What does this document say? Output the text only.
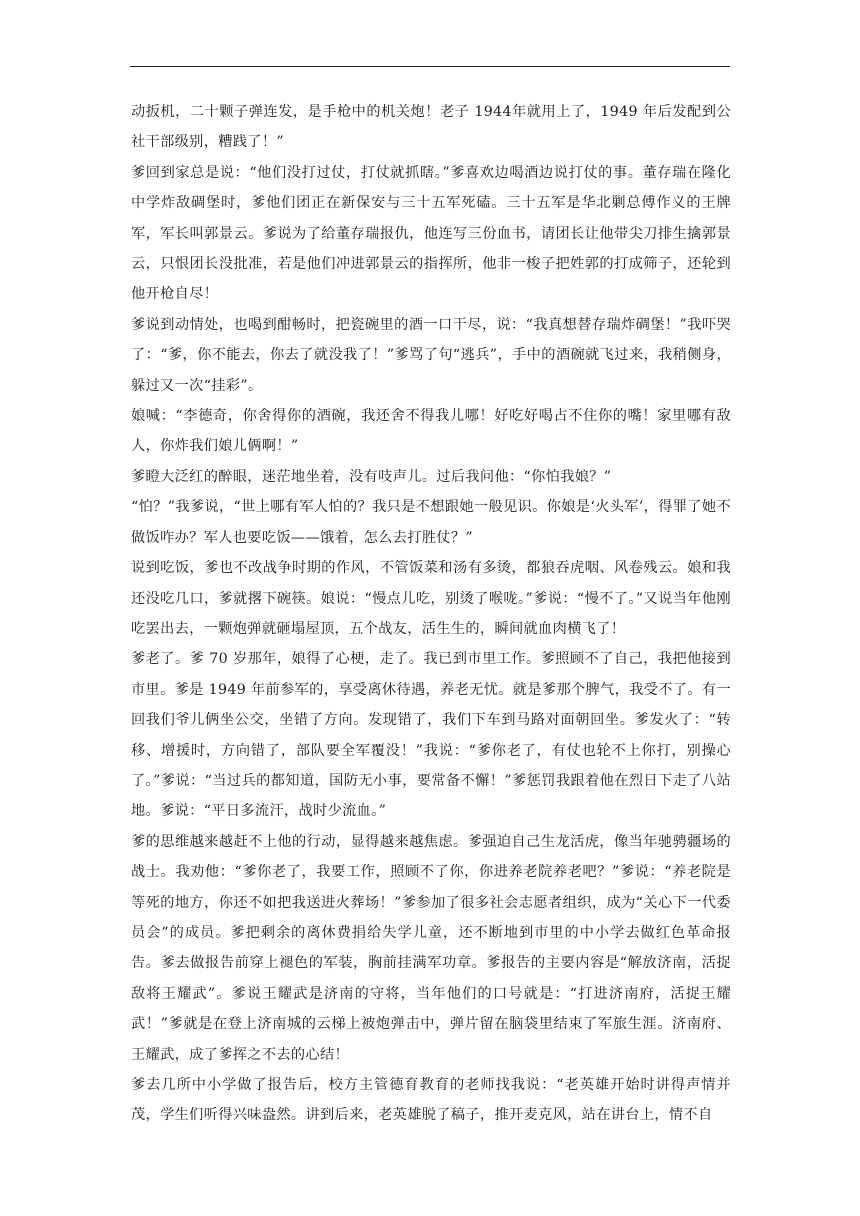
动扳机，二十颗子弹连发，是手枪中的机关炮！老子 1944年就用上了，1949 年后发配到公社干部级别，糟践了！”

爹回到家总是说：“他们没打过仗，打仗就抓瞎。”爹喜欢边喝酒边说打仗的事。董存瑞在隆化中学炸敌碉堡时，爹他们团正在新保安与三十五军死磕。三十五军是华北剿总傅作义的王牌军，军长叫郭景云。爹说为了给董存瑞报仇，他连写三份血书，请团长让他带尖刀排生擒郭景云，只恨团长没批准，若是他们冲进郭景云的指挥所，他非一梭子把姓郭的打成筛子，还轮到他开枪自尽！

爹说到动情处，也喝到酣畅时，把瓷碗里的酒一口干尽，说：“我真想替存瑞炸碉堡！”我吓哭了：“爹，你不能去，你去了就没我了！”爹骂了句“逃兵”，手中的酒碗就飞过来，我稍侧身，躲过又一次“挂彩”。

娘喊：“李德奇，你舍得你的酒碗，我还舍不得我儿哪！好吃好喝占不住你的嘴！家里哪有敌人，你炸我们娘儿俩啊！”

爹瞪大泛红的醉眼，迷茫地坐着，没有吱声儿。过后我问他：“你怕我娘？”

“怕？”我爹说，“世上哪有军人怕的？我只是不想跟她一般见识。你娘是‘火头军’，得罪了她不做饭咋办？军人也要吃饭——饿着，怎么去打胜仗？”

说到吃饭，爹也不改战争时期的作风，不管饭菜和汤有多烫，都狼吞虎咽、风卷残云。娘和我还没吃几口，爹就撂下碗筷。娘说：“慢点儿吃，别烫了喉咙。”爹说：“慢不了。”又说当年他刚吃罢出去，一颗炮弹就砸塌屋顶，五个战友，活生生的，瞬间就血肉横飞了！

爹老了。爹 70 岁那年，娘得了心梗，走了。我已到市里工作。爹照顾不了自己，我把他接到市里。爹是 1949 年前参军的，享受离休待遇，养老无忧。就是爹那个脾气，我受不了。有一回我们爷儿俩坐公交，坐错了方向。发现错了，我们下车到马路对面朝回坐。爹发火了：“转移、增援时，方向错了，部队要全军覆没！”我说：“爹你老了，有仗也轮不上你打，别操心了。”爹说：“当过兵的都知道，国防无小事，要常备不懈！”爹惩罚我跟着他在烈日下走了八站地。爹说：“平日多流汗，战时少流血。”

爹的思维越来越赶不上他的行动，显得越来越焦虑。爹强迫自己生龙活虎，像当年驰骋疆场的战士。我劝他：“爹你老了，我要工作，照顾不了你，你进养老院养老吧？”爹说：“养老院是等死的地方，你还不如把我送进火葬场！”爹参加了很多社会志愿者组织，成为“关心下一代委员会”的成员。爹把剩余的离休费捐给失学儿童，还不断地到市里的中小学去做红色革命报告。爹去做报告前穿上褪色的军装，胸前挂满军功章。爹报告的主要内容是“解放济南，活捉敌将王耀武”。爹说王耀武是济南的守将，当年他们的口号就是：“打进济南府，活捉王耀武！”爹就是在登上济南城的云梯上被炮弹击中，弹片留在脑袋里结束了军旅生涯。济南府、王耀武，成了爹挥之不去的心结！

爹去几所中小学做了报告后，校方主管德育教育的老师找我说：“老英雄开始时讲得声情并茂，学生们听得兴味盎然。讲到后来，老英雄脱了稿子，推开麦克风，站在讲台上，情不自
